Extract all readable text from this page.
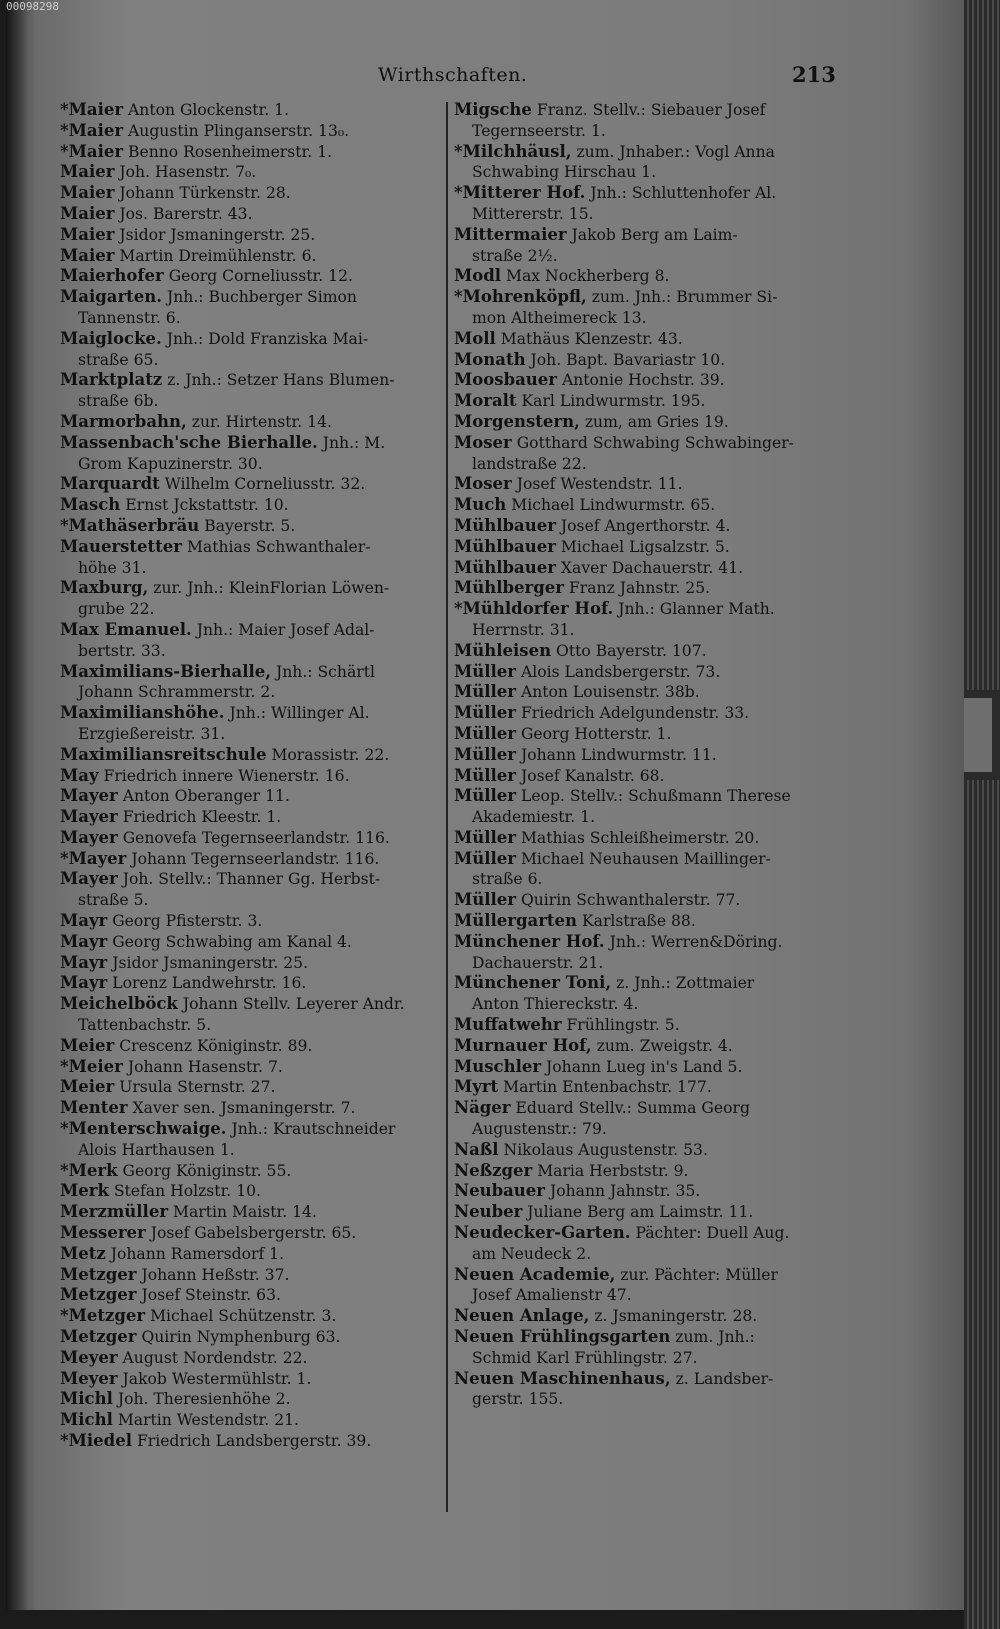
00098298
Wirthschaften.	213

*Maier Anton Glockenstr. 1.

*Maier Augustin Plinganserstr. 13₀.

*Maier Benno Rosenheimerstr. 1.

Maier Joh. Hasenstr. 7₀.

Maier Johann Türkenstr. 28.

Maier Jos. Barerstr. 43.

Maier Jsidor Jsmaningerstr. 25.

Maier Martin Dreimühlenstr. 6.

Maierhofer Georg Corneliusstr. 12.

Maigarten. Jnh.: Buchberger Simon

Tannenstr. 6.

Maiglocke. Jnh.: Dold Franziska Mai-

straße 65.

Marktplatz z. Jnh.: Setzer Hans Blumen-

straße 6b.

Marmorbahn, zur. Hirtenstr. 14.

Massenbach'sche Bierhalle. Jnh.: M.

Grom Kapuzinerstr. 30.

Marquardt Wilhelm Corneliusstr. 32.

Masch Ernst Jckstattstr. 10.

*Mathäserbräu Bayerstr. 5.

Mauerstetter Mathias Schwanthaler-

höhe 31.

Maxburg, zur. Jnh.: KleinFlorian Löwen-

grube 22.

Max Emanuel. Jnh.: Maier Josef Adal-

bertstr. 33.

Maximilians-Bierhalle, Jnh.: Schärtl

Johann Schrammerstr. 2.

Maximilianshöhe. Jnh.: Willinger Al.

Erzgießereistr. 31.

Maximiliansreitschule Morassistr. 22.

May Friedrich innere Wienerstr. 16.

Mayer Anton Oberanger 11.

Mayer Friedrich Kleestr. 1.

Mayer Genovefa Tegernseerlandstr. 116.

*Mayer Johann Tegernseerlandstr. 116.

Mayer Joh. Stellv.: Thanner Gg. Herbst-

straße 5.

Mayr Georg Pfisterstr. 3.

Mayr Georg Schwabing am Kanal 4.

Mayr Jsidor Jsmaningerstr. 25.

Mayr Lorenz Landwehrstr. 16.

Meichelböck Johann Stellv. Leyerer Andr.

Tattenbachstr. 5.

Meier Crescenz Königinstr. 89.

*Meier Johann Hasenstr. 7.

Meier Ursula Sternstr. 27.

Menter Xaver sen. Jsmaningerstr. 7.

*Menterschwaige. Jnh.: Krautschneider

Alois Harthausen 1.

*Merk Georg Königinstr. 55.

Merk Stefan Holzstr. 10.

Merzmüller Martin Maistr. 14.

Messerer Josef Gabelsbergerstr. 65.

Metz Johann Ramersdorf 1.

Metzger Johann Heßstr. 37.

Metzger Josef Steinstr. 63.

*Metzger Michael Schützenstr. 3.

Metzger Quirin Nymphenburg 63.

Meyer August Nordendstr. 22.

Meyer Jakob Westermühlstr. 1.

Michl Joh. Theresienhöhe 2.

Michl Martin Westendstr. 21.

*Miedel Friedrich Landsbergerstr. 39.

Migsche Franz. Stellv.: Siebauer Josef

Tegernseerstr. 1.

*Milchhäusl, zum. Jnhaber.: Vogl Anna

Schwabing Hirschau 1.

*Mitterer Hof. Jnh.: Schluttenhofer Al.

Mittererstr. 15.

Mittermaier Jakob Berg am Laim-

straße 2½.

Modl Max Nockherberg 8.

*Mohrenköpfl, zum. Jnh.: Brummer Si-

mon Altheimereck 13.

Moll Mathäus Klenzestr. 43.

Monath Joh. Bapt. Bavariastr 10.

Moosbauer Antonie Hochstr. 39.

Moralt Karl Lindwurmstr. 195.

Morgenstern, zum, am Gries 19.

Moser Gotthard Schwabing Schwabinger-

landstraße 22.

Moser Josef Westendstr. 11.

Much Michael Lindwurmstr. 65.

Mühlbauer Josef Angerthorstr. 4.

Mühlbauer Michael Ligsalzstr. 5.

Mühlbauer Xaver Dachauerstr. 41.

Mühlberger Franz Jahnstr. 25.

*Mühldorfer Hof. Jnh.: Glanner Math.

Herrnstr. 31.

Mühleisen Otto Bayerstr. 107.

Müller Alois Landsbergerstr. 73.

Müller Anton Louisenstr. 38b.

Müller Friedrich Adelgundenstr. 33.

Müller Georg Hotterstr. 1.

Müller Johann Lindwurmstr. 11.

Müller Josef Kanalstr. 68.

Müller Leop. Stellv.: Schußmann Therese

Akademiestr. 1.

Müller Mathias Schleißheimerstr. 20.

Müller Michael Neuhausen Maillinger-

straße 6.

Müller Quirin Schwanthalerstr. 77.

Müllergarten Karlstraße 88.

Münchener Hof. Jnh.: Werren&Döring.

Dachauerstr. 21.

Münchener Toni, z. Jnh.: Zottmaier

Anton Thiereckstr. 4.

Muffatwehr Frühlingstr. 5.

Murnauer Hof, zum. Zweigstr. 4.

Muschler Johann Lueg in's Land 5.

Myrt Martin Entenbachstr. 177.

Näger Eduard Stellv.: Summa Georg

Augustenstr.: 79.

Naßl Nikolaus Augustenstr. 53.

Neßzger Maria Herbststr. 9.

Neubauer Johann Jahnstr. 35.

Neuber Juliane Berg am Laimstr. 11.

Neudecker-Garten. Pächter: Duell Aug.

am Neudeck 2.

Neuen Academie, zur. Pächter: Müller

Josef Amalienstr 47.

Neuen Anlage, z. Jsmaningerstr. 28.

Neuen Frühlingsgarten zum. Jnh.:

Schmid Karl Frühlingstr. 27.

Neuen Maschinenhaus, z. Landsber-

gerstr. 155.
